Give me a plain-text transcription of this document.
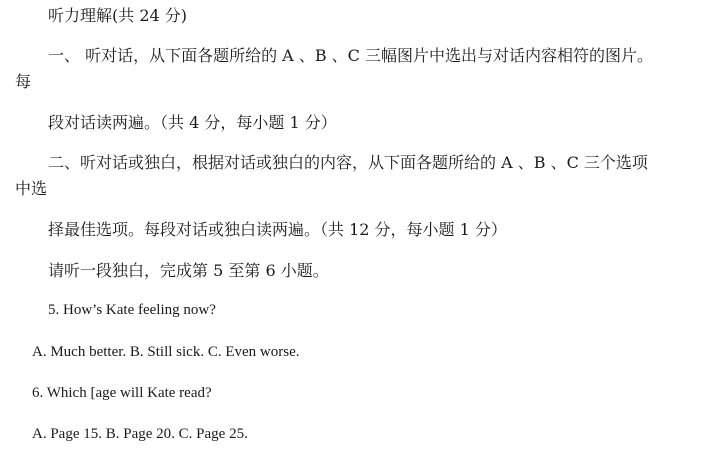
听力理解(共 24 分)
一、 听对话，从下面各题所给的 A 、B 、C 三幅图片中选出与对话内容相符的图片。
每
段对话读两遍。（共 4 分，每小题 1 分）
二、听对话或独白，根据对话或独白的内容，从下面各题所给的 A 、B 、C 三个选项
中选
择最佳选项。每段对话或独白读两遍。（共 12 分，每小题 1 分）
请听一段独白，完成第 5 至第 6 小题。
5. How’s Kate feeling now?
A. Much better. B. Still sick. C. Even worse.
6. Which [age will Kate read?
A. Page 15. B. Page 20. C. Page 25.
